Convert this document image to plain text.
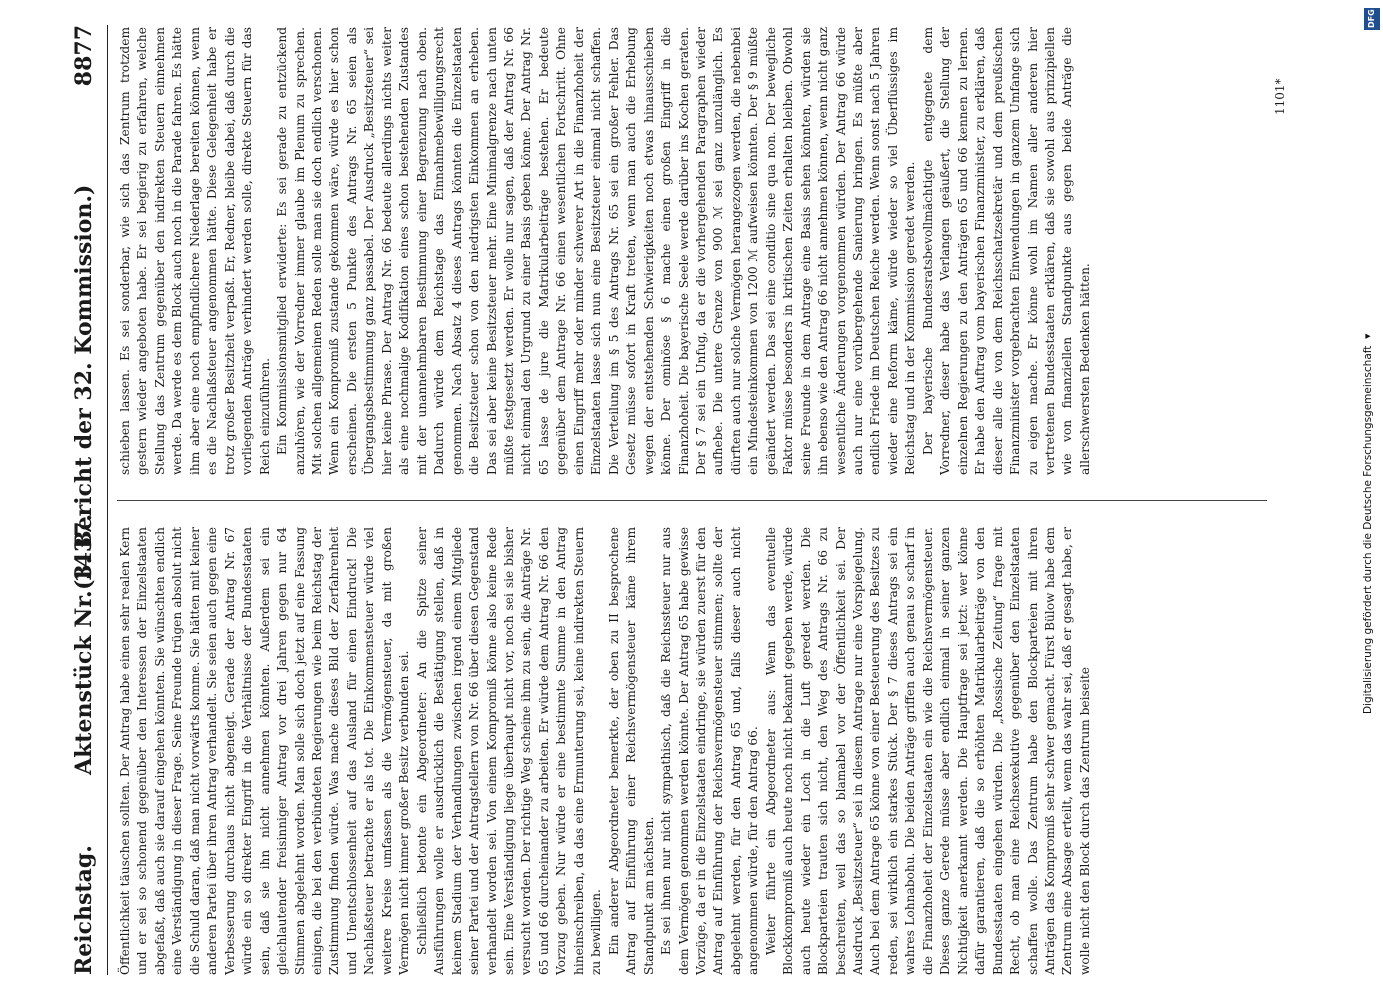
Reichstag.
Aktenstück Nr. 1437.
(3. Bericht der 32. Kommission.)
8877

Öffentlichkeit täuschen sollten. Der Antrag habe einen sehr realen Kern und er sei so schonend gegenüber den Interessen der Einzelstaaten abgefaßt, daß auch sie darauf eingehen könnten. Sie wünschten endlich eine Verständigung in dieser Frage. Seine Freunde trügen absolut nicht die Schuld daran, daß man nicht vorwärts komme. Sie hätten mit keiner anderen Partei über ihren Antrag verhandelt. Sie seien auch gegen eine Verbesserung durchaus nicht abgeneigt. Gerade der Antrag Nr. 67 würde ein so direkter Eingriff in die Verhältnisse der Bundesstaaten sein, daß sie ihn nicht annehmen könnten. Außerdem sei ein gleichlautender freisinniger Antrag vor drei Jahren gegen nur 64 Stimmen abgelehnt worden. Man solle sich doch jetzt auf eine Fassung einigen, die bei den verbündeten Regierungen wie beim Reichstag der Zustimmung finden würde. Was mache dieses Bild der Zerfahrenheit und Unentschlossenheit auf das Ausland für einen Eindruck! Die Nachlaßsteuer betrachte er als tot. Die Einkommensteuer würde viel weitere Kreise umfassen als die Vermögensteuer, da mit großen Vermögen nicht immer großer Besitz verbunden sei. Schließlich betonte ein Abgeordneter: An die Spitze seiner Ausführungen wolle er ausdrücklich die Bestätigung stellen, daß in keinem Stadium der Verhandlungen zwischen irgend einem Mitgliede seiner Partei und der Antragstellern von Nr. 66 über diesen Gegenstand verhandelt worden sei. Von einem Kompromiß könne also keine Rede sein. Eine Verständigung liege überhaupt nicht vor, noch sei sie bisher versucht worden. Der richtige Weg scheine ihm zu sein, die Anträge Nr. 65 und 66 durcheinander zu arbeiten. Er würde dem Antrag Nr. 66 den Vorzug geben. Nur würde er eine bestimmte Summe in den Antrag hineinschreiben, da das eine Ermunterung sei, keine indirekten Steuern zu bewilligen. Ein anderer Abgeordneter bemerkte, der oben zu II besprochene Antrag auf Einführung einer Reichsvermögensteuer käme ihrem Standpunkt am nächsten. Es sei ihnen nur nicht sympathisch, daß die Reichssteuer nur aus dem Vermögen genommen werden könnte. Der Antrag 65 habe gewisse Vorzüge, da er in die Einzelstaaten eindringe, sie würden zuerst für den Antrag auf Einführung der Reichsvermögensteuer stimmen; sollte der abgelehnt werden, für den Antrag 65 und, falls dieser auch nicht angenommen würde, für den Antrag 66. Weiter führte ein Abgeordneter aus: Wenn das eventuelle Blockkompromiß auch heute noch nicht bekannt gegeben werde, würde auch heute wieder ein Loch in die Luft geredet werden. Die Blockparteien trauten sich nicht, den Weg des Antrags Nr. 66 zu beschreiten, weil das so blamabel vor der Öffentlichkeit sei. Der Ausdruck „Besitzsteuer“ sei in diesem Antrage nur eine Vorspiegelung. Auch bei dem Antrage 65 könne von einer Besteuerung des Besitzes zu reden, sei wirklich ein starkes Stück. Der § 7 dieses Antrags sei ein wahres Lohnabohu. Die beiden Anträge griffen auch genau so scharf in die Finanzhoheit der Einzelstaaten ein wie die Reichsvermögensteuer. Dieses ganze Gerede müsse aber endlich einmal in seiner ganzen Nichtigkeit anerkannt werden. Die Hauptfrage sei jetzt: wer könne dafür garantieren, daß die so erhöhten Matrikularbeiträge von den Bundesstaaten eingehen würden. Die „Rossische Zeitung“ frage mit Recht, ob man eine Reichsexekutive gegenüber den Einzelstaaten schaffen wolle. Das Zentrum habe den Blockparteien mit ihren Anträgen das Kompromiß sehr schwer gemacht. Fürst Bülow habe dem Zentrum eine Absage erteilt, wenn das wahr sei, daß er gesagt habe, er wolle nicht den Block durch das Zentrum beiseite

schieben lassen. Es sei sonderbar, wie sich das Zentrum trotzdem gestern wieder angeboten habe. Er sei begierig zu erfahren, welche Stellung das Zentrum gegenüber den indirekten Steuern einnehmen werde. Da werde es dem Block auch noch in die Parade fahren. Es hätte ihm aber eine noch empfindlichere Niederlage bereiten können, wenn es die Nachlaßsteuer angenommen hätte. Diese Gelegenheit habe er trotz großer Besitzheit verpaßt. Er, Redner, bleibe dabei, daß durch die vorliegenden Anträge verhindert werden solle, direkte Steuern für das Reich einzuführen. Ein Kommissionsmitglied erwiderte: Es sei gerade zu entzückend anzuhören, wie der Vorredner immer glaube im Plenum zu sprechen. Mit solchen allgemeinen Reden solle man sie doch endlich verschonen. Wenn ein Kompromiß zustande gekommen wäre, würde es hier schon erscheinen. Die ersten 5 Punkte des Antrags Nr. 65 seien als Übergangsbestimmung ganz passabel. Der Ausdruck „Besitzsteuer“ sei hier keine Phrase. Der Antrag Nr. 66 bedeute allerdings nichts weiter als eine nochmalige Kodifikation eines schon bestehenden Zustandes mit der unannehmbaren Bestimmung einer Begrenzung nach oben. Dadurch würde dem Reichstage das Einnahmebewilligungsrecht genommen. Nach Absatz 4 dieses Antrags könnten die Einzelstaaten die Besitzsteuer schon von den niedrigsten Einkommen an erheben. Das sei aber keine Besitzsteuer mehr. Eine Minimalgrenze nach unten müßte festgesetzt werden. Er wolle nur sagen, daß der Antrag Nr. 66 nicht einmal den Urgrund zu einer Basis geben könne. Der Antrag Nr. 65 lasse de jure die Matrikularbeiträge bestehen. Er bedeute gegenüber dem Antrage Nr. 66 einen wesentlichen Fortschritt. Ohne einen Eingriff mehr oder minder schwerer Art in die Finanzhoheit der Einzelstaaten lasse sich nun eine Besitzsteuer einmal nicht schaffen. Die Verteilung im § 5 des Antrags Nr. 65 sei ein großer Fehler. Das Gesetz müsse sofort in Kraft treten, wenn man auch die Erhebung wegen der entstehenden Schwierigkeiten noch etwas hinausschieben könne. Der ominöse § 6 mache einen großen Eingriff in die Finanzhoheit. Die bayerische Seele werde darüber ins Kochen geraten. Der § 7 sei ein Unfug, da er die vorhergehenden Paragraphen wieder aufhebe. Die untere Grenze von 900 ℳ sei ganz unzulänglich. Es dürften auch nur solche Vermögen herangezogen werden, die nebenbei ein Mindesteinkommen von 1200 ℳ aufweisen könnten. Der § 9 müßte geändert werden. Das sei eine conditio sine qua non. Der bewegliche Faktor müsse besonders in kritischen Zeiten erhalten bleiben. Obwohl seine Freunde in dem Antrage eine Basis sehen könnten, würden sie ihn ebenso wie den Antrag 66 nicht annehmen können, wenn nicht ganz wesentliche Änderungen vorgenommen würden. Der Antrag 66 würde auch nur eine vorübergehende Sanierung bringen. Es müßte aber endlich Friede im Deutschen Reiche werden. Wenn sonst nach 5 Jahren wieder eine Reform käme, würde wieder so viel Überflüssiges im Reichstag und in der Kommission geredet werden. Der bayerische Bundesratsbevollmächtigte entgegnete dem Vorredner, dieser habe das Verlangen geäußert, die Stellung der einzelnen Regierungen zu den Anträgen 65 und 66 kennen zu lernen. Er habe den Auftrag vom bayerischen Finanzminister, zu erklären, daß dieser alle die von dem Reichsschatzsekretär und dem preußischen Finanzminister vorgebrachten Einwendungen in ganzem Umfange sich zu eigen mache. Er könne wohl im Namen aller anderen hier vertretenen Bundesstaaten erklären, daß sie sowohl aus prinzipiellen wie von finanziellen Standpunkte aus gegen beide Anträge die allerschwersten Bedenken hätten.

1101*
DFG
Digitalisierung gefördert durch die Deutsche Forschungsgemeinschaft ◂
